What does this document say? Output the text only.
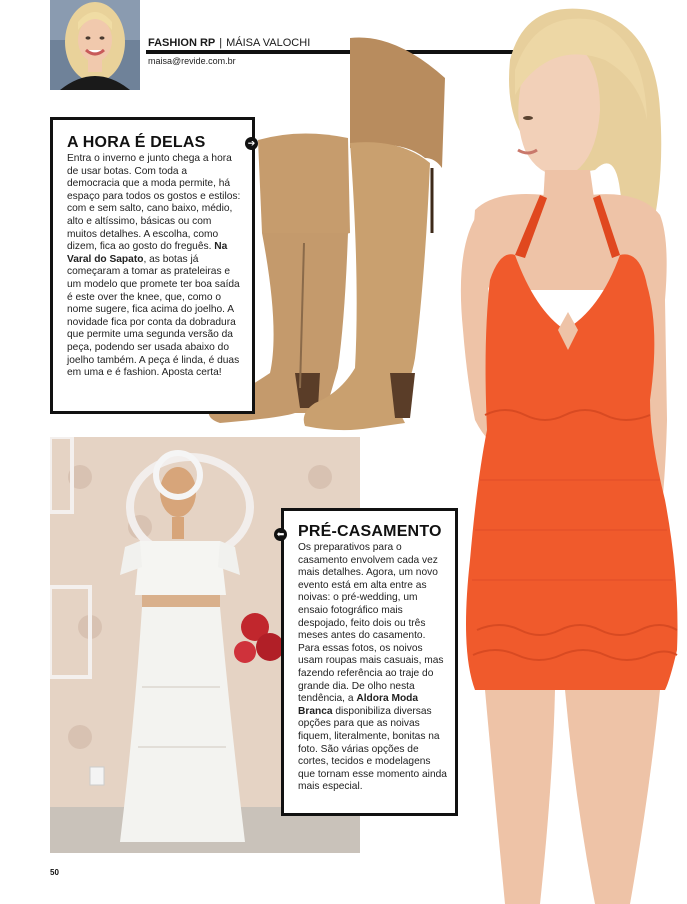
FASHION RP | MÁISA VALOCHI
maisa@revide.com.br
A HORA É DELAS

Entra o inverno e junto chega a hora de usar botas. Com toda a democracia que a moda permite, há espaço para todos os gostos e estilos: com e sem salto, cano baixo, médio, alto e altíssimo, básicas ou com muitos detalhes. A escolha, como dizem, fica ao gosto do freguês. Na Varal do Sapato, as botas já começaram a tomar as prateleiras e um modelo que promete ter boa saída é este over the knee, que, como o nome sugere, fica acima do joelho. A novidade fica por conta da dobradura que permite uma segunda versão da peça, podendo ser usada abaixo do joelho também. A peça é linda, é duas em uma e é fashion. Aposta certa!

➔
PRÉ-CASAMENTO

Os preparativos para o casamento envolvem cada vez mais detalhes. Agora, um novo evento está em alta entre as noivas: o pré-wedding, um ensaio fotográfico mais despojado, feito dois ou três meses antes do casamento. Para essas fotos, os noivos usam roupas mais casuais, mas fazendo referência ao traje do grande dia. De olho nesta tendência, a Aldora Moda Branca disponibiliza diversas opções para que as noivas fiquem, literalmente, bonitas na foto. São várias opções de cortes, tecidos e modelagens que tornam esse momento ainda mais especial.

⬅
50
